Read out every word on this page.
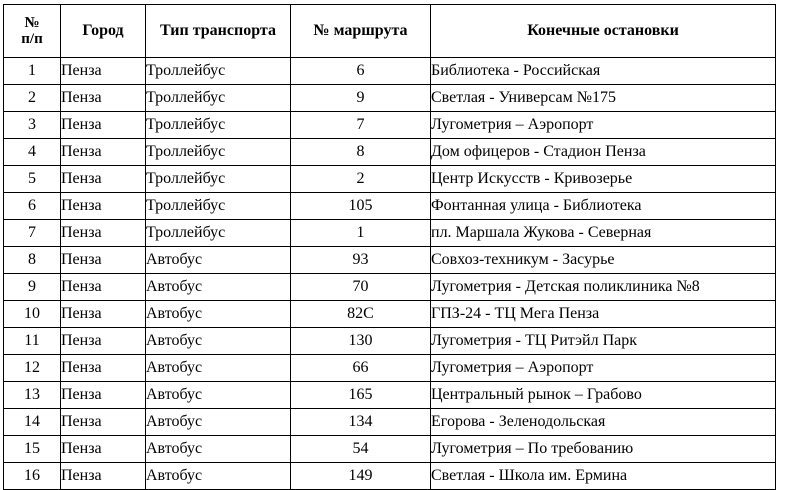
№
п/п	Город	Тип транспорта	№ маршрута	Конечные остановки
1	Пенза	Троллейбус	6	Библиотека - Российская
2	Пенза	Троллейбус	9	Светлая - Универсам №175
3	Пенза	Троллейбус	7	Лугометрия – Аэропорт
4	Пенза	Троллейбус	8	Дом офицеров - Стадион Пенза
5	Пенза	Троллейбус	2	Центр Искусств - Кривозерье
6	Пенза	Троллейбус	105	Фонтанная улица - Библиотека
7	Пенза	Троллейбус	1	пл. Маршала Жукова - Северная
8	Пенза	Автобус	93	Совхоз-техникум - Засурье
9	Пенза	Автобус	70	Лугометрия - Детская поликлиника №8
10	Пенза	Автобус	82С	ГПЗ-24 - ТЦ Мега Пенза
11	Пенза	Автобус	130	Лугометрия - ТЦ Ритэйл Парк
12	Пенза	Автобус	66	Лугометрия – Аэропорт
13	Пенза	Автобус	165	Центральный рынок – Грабово
14	Пенза	Автобус	134	Егорова - Зеленодольская
15	Пенза	Автобус	54	Лугометрия – По требованию
16	Пенза	Автобус	149	Светлая - Школа им. Ермина
